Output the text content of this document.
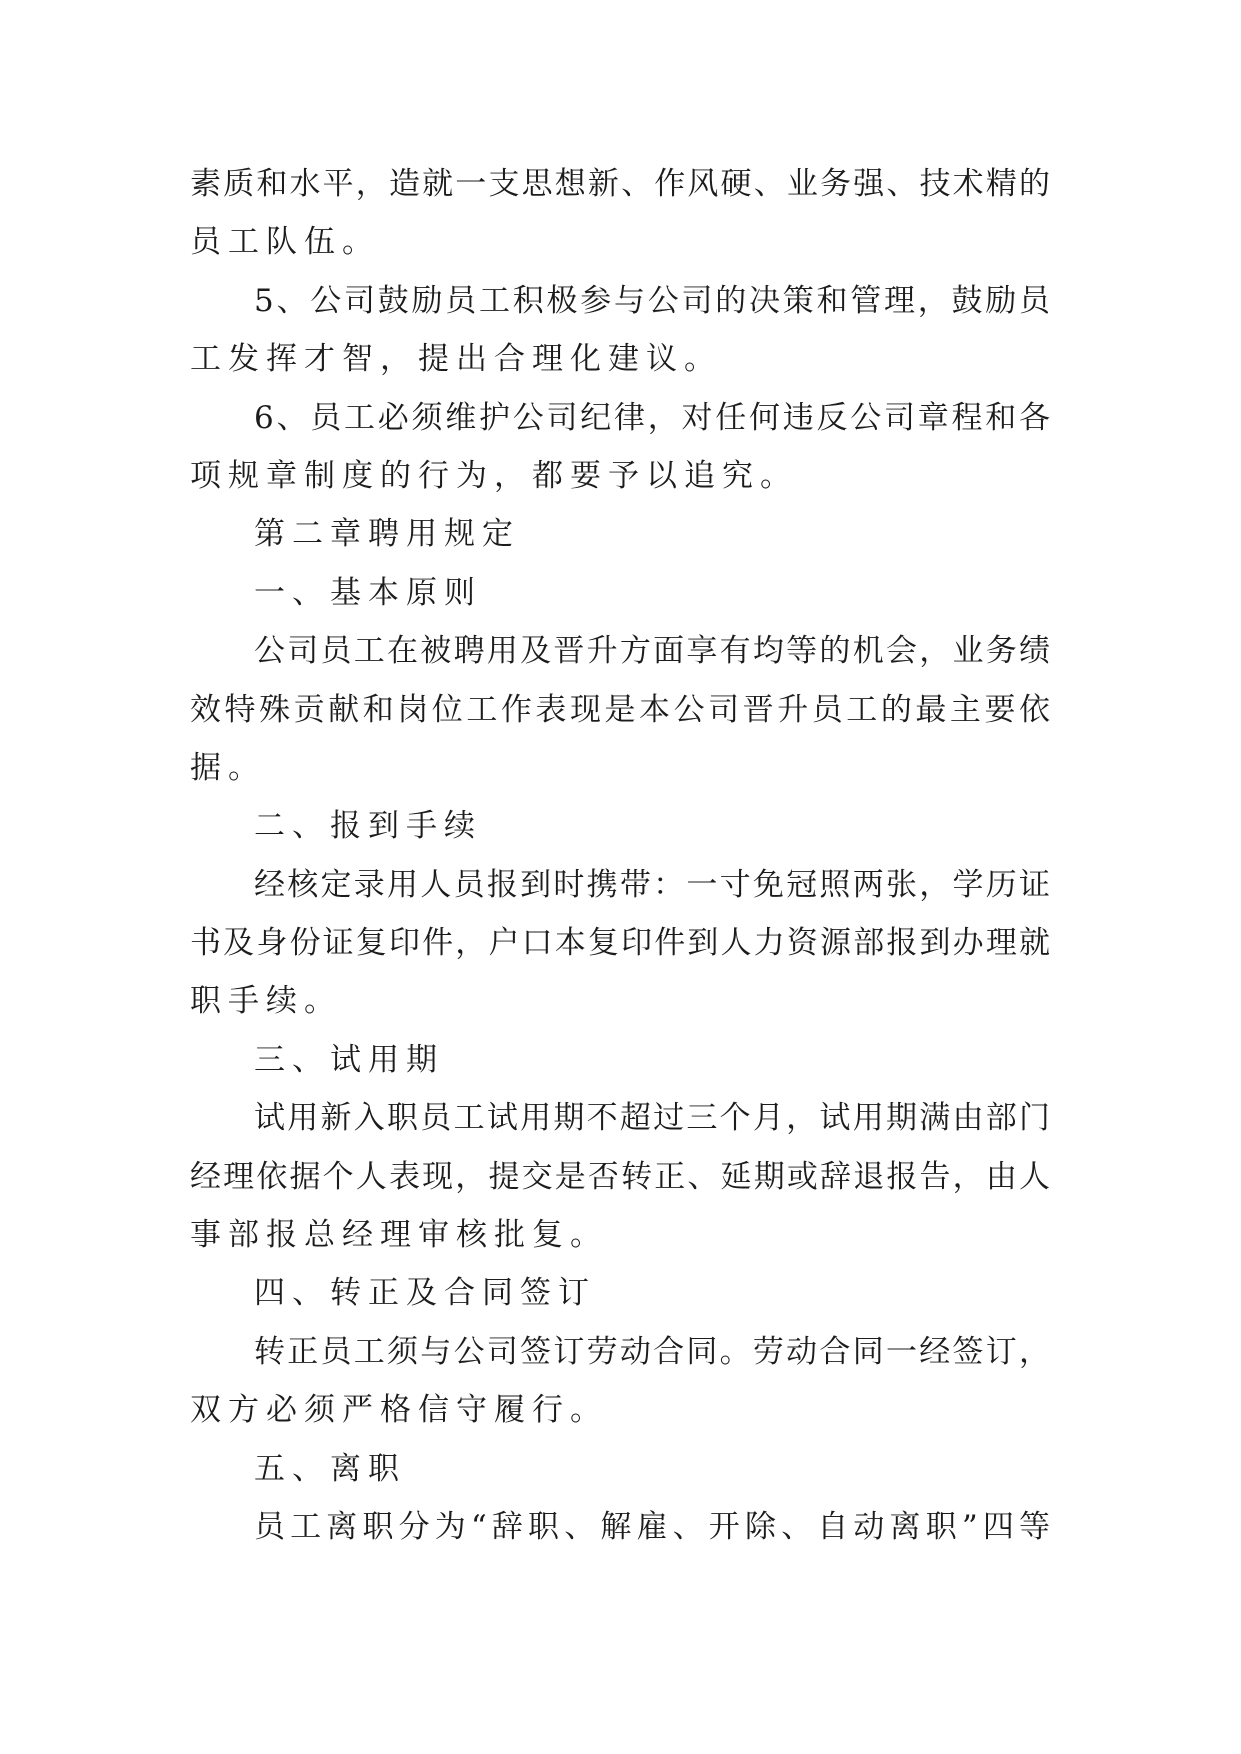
素质和水平，造就一支思想新、作风硬、业务强、技术精的
员工队伍。
5、公司鼓励员工积极参与公司的决策和管理，鼓励员
工发挥才智，提出合理化建议。
6、员工必须维护公司纪律，对任何违反公司章程和各
项规章制度的行为，都要予以追究。
第二章聘用规定
一、基本原则
公司员工在被聘用及晋升方面享有均等的机会，业务绩
效特殊贡献和岗位工作表现是本公司晋升员工的最主要依
据。
二、报到手续
经核定录用人员报到时携带：一寸免冠照两张，学历证
书及身份证复印件，户口本复印件到人力资源部报到办理就
职手续。
三、试用期
试用新入职员工试用期不超过三个月，试用期满由部门
经理依据个人表现，提交是否转正、延期或辞退报告，由人
事部报总经理审核批复。
四、转正及合同签订
转正员工须与公司签订劳动合同。劳动合同一经签订，
双方必须严格信守履行。
五、离职
员工离职分为“辞职、解雇、开除、自动离职”四等
